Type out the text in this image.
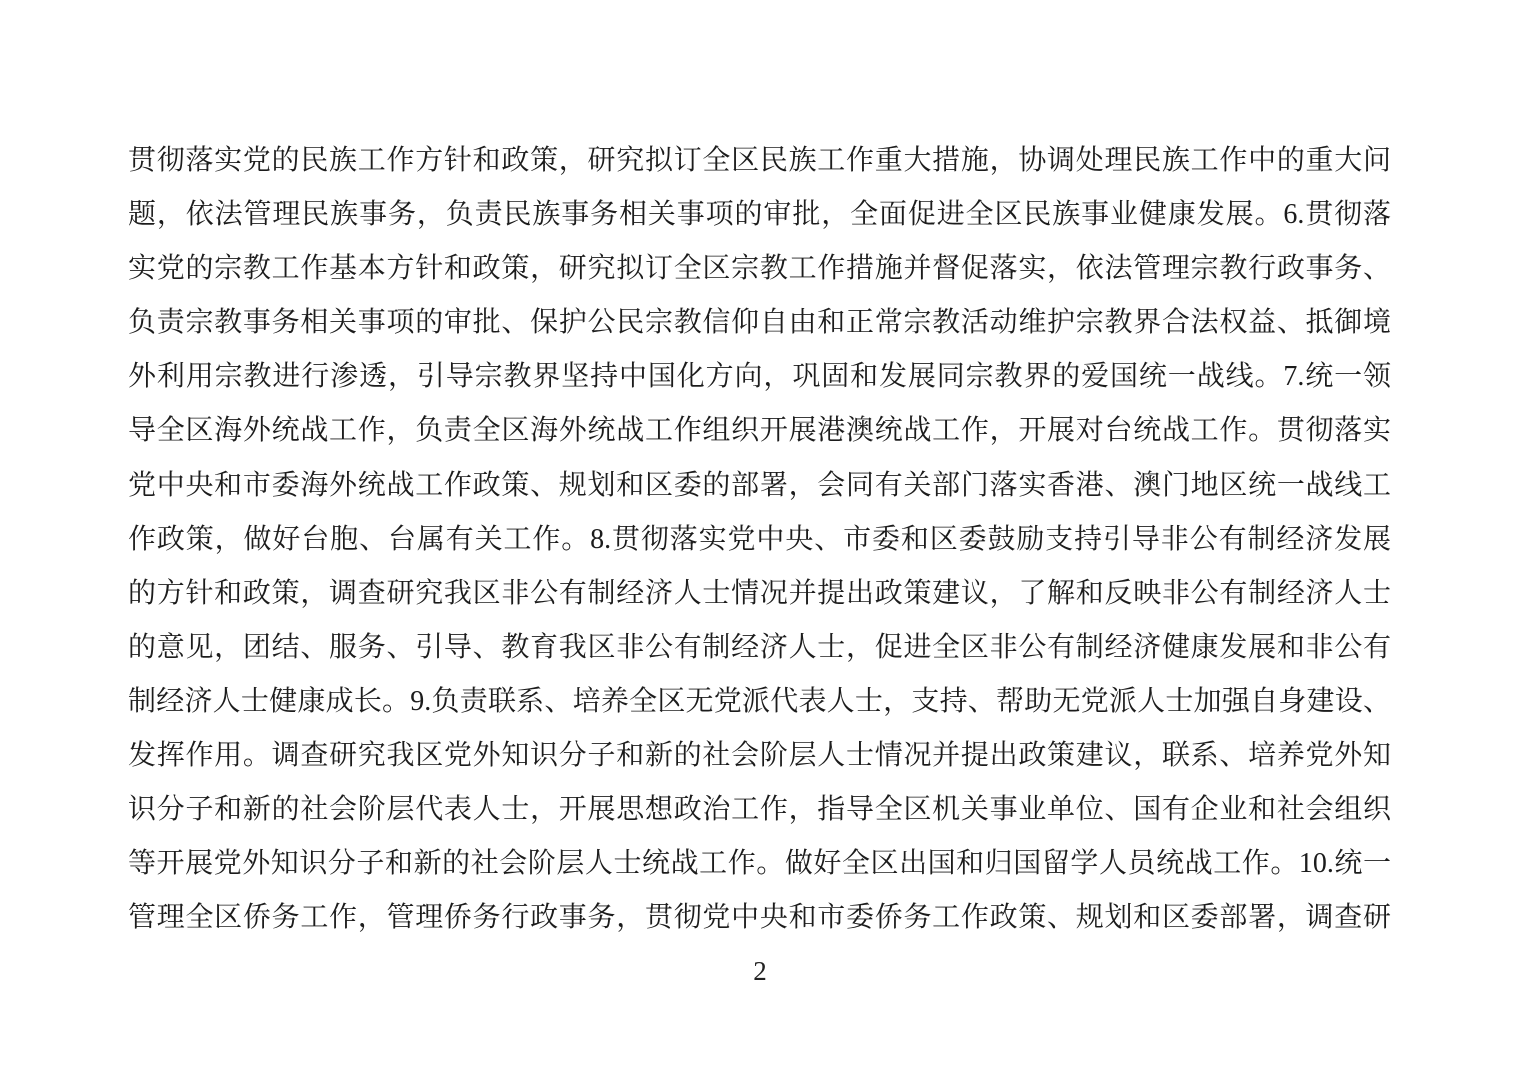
贯彻落实党的民族工作方针和政策，研究拟订全区民族工作重大措施，协调处理民族工作中的重大问
题，依法管理民族事务，负责民族事务相关事项的审批，全面促进全区民族事业健康发展。6.贯彻落
实党的宗教工作基本方针和政策，研究拟订全区宗教工作措施并督促落实，依法管理宗教行政事务、
负责宗教事务相关事项的审批、保护公民宗教信仰自由和正常宗教活动维护宗教界合法权益、抵御境
外利用宗教进行渗透，引导宗教界坚持中国化方向，巩固和发展同宗教界的爱国统一战线。7.统一领
导全区海外统战工作，负责全区海外统战工作组织开展港澳统战工作，开展对台统战工作。贯彻落实
党中央和市委海外统战工作政策、规划和区委的部署，会同有关部门落实香港、澳门地区统一战线工
作政策，做好台胞、台属有关工作。8.贯彻落实党中央、市委和区委鼓励支持引导非公有制经济发展
的方针和政策，调查研究我区非公有制经济人士情况并提出政策建议，了解和反映非公有制经济人士
的意见，团结、服务、引导、教育我区非公有制经济人士，促进全区非公有制经济健康发展和非公有
制经济人士健康成长。9.负责联系、培养全区无党派代表人士，支持、帮助无党派人士加强自身建设、
发挥作用。调查研究我区党外知识分子和新的社会阶层人士情况并提出政策建议，联系、培养党外知
识分子和新的社会阶层代表人士，开展思想政治工作，指导全区机关事业单位、国有企业和社会组织
等开展党外知识分子和新的社会阶层人士统战工作。做好全区出国和归国留学人员统战工作。10.统一
管理全区侨务工作，管理侨务行政事务，贯彻党中央和市委侨务工作政策、规划和区委部署，调查研
2
